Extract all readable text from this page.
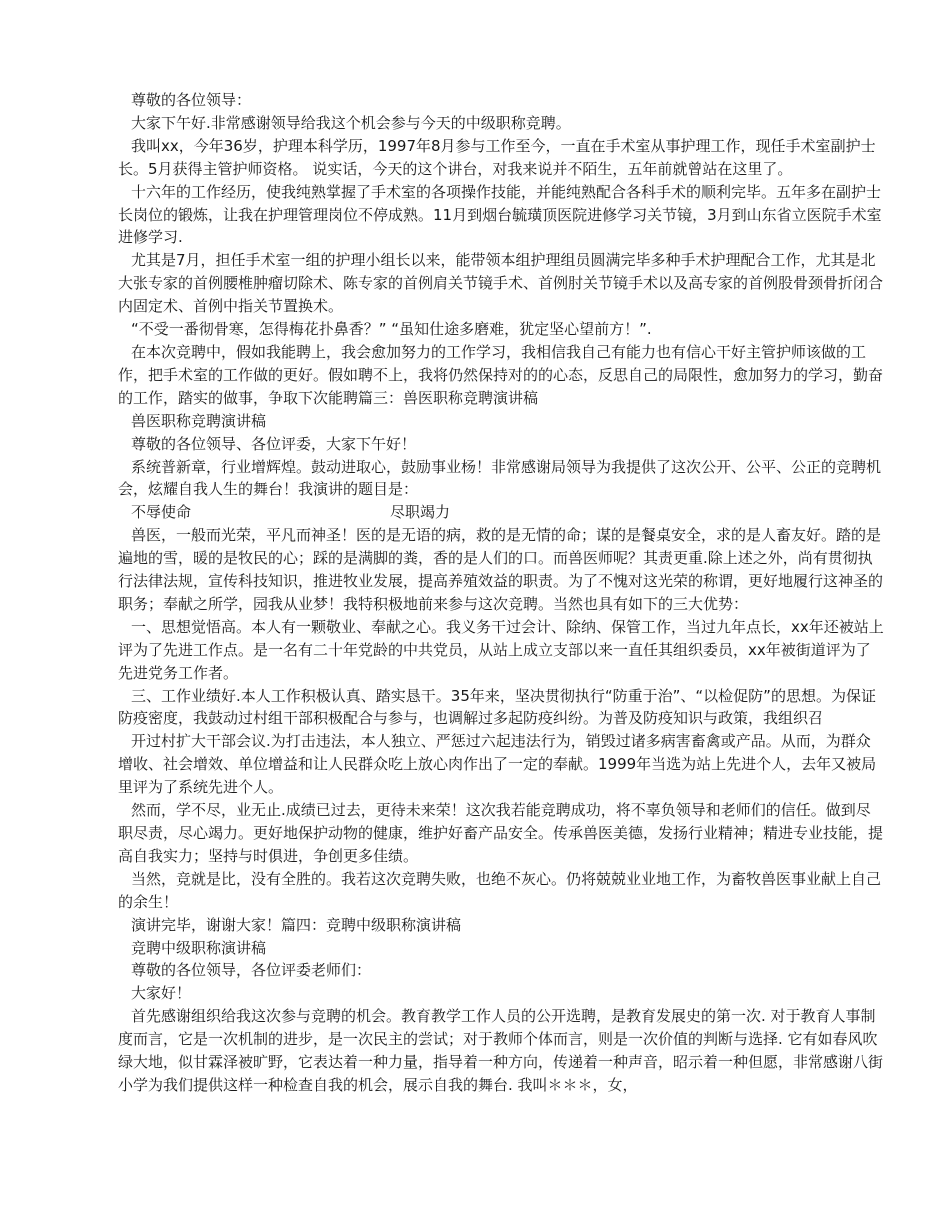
尊敬的各位领导：

大家下午好.非常感谢领导给我这个机会参与今天的中级职称竞聘。

我叫xx，今年36岁，护理本科学历，1997年8月参与工作至今，一直在手术室从事护理工作，现任手术室副护士长。5月获得主管护师资格。 说实话，今天的这个讲台，对我来说并不陌生，五年前就曾站在这里了。

十六年的工作经历，使我纯熟掌握了手术室的各项操作技能，并能纯熟配合各科手术的顺利完毕。五年多在副护士长岗位的锻炼，让我在护理管理岗位不停成熟。11月到烟台毓璜顶医院进修学习关节镜，3月到山东省立医院手术室进修学习.

尤其是7月，担任手术室一组的护理小组长以来，能带领本组护理组员圆满完毕多种手术护理配合工作，尤其是北大张专家的首例腰椎肿瘤切除术、陈专家的首例肩关节镜手术、首例肘关节镜手术以及高专家的首例股骨颈骨折闭合内固定术、首例中指关节置换术。

“不受一番彻骨寒，怎得梅花扑鼻香？” “虽知仕途多磨难，犹定坚心望前方！”.

在本次竞聘中，假如我能聘上，我会愈加努力的工作学习，我相信我自己有能力也有信心干好主管护师该做的工作，把手术室的工作做的更好。假如聘不上，我将仍然保持对的的心态，反思自己的局限性，愈加努力的学习，勤奋的工作，踏实的做事，争取下次能聘篇三：兽医职称竞聘演讲稿

兽医职称竞聘演讲稿

尊敬的各位领导、各位评委，大家下午好！

系统普新章，行业增辉煌。鼓动进取心，鼓励事业杨！非常感谢局领导为我提供了这次公开、公平、公正的竞聘机会，炫耀自我人生的舞台！我演讲的题目是：

不辱使命	尽职竭力

兽医，一般而光荣，平凡而神圣！医的是无语的病，救的是无情的命；谋的是餐桌安全，求的是人畜友好。踏的是遍地的雪，暖的是牧民的心；踩的是满脚的粪，香的是人们的口。而兽医师呢？其责更重.除上述之外，尚有贯彻执行法律法规，宣传科技知识，推进牧业发展，提高养殖效益的职责。为了不愧对这光荣的称谓，更好地履行这神圣的职务；奉献之所学，园我从业梦！我特积极地前来参与这次竞聘。当然也具有如下的三大优势：

一、思想觉悟高。本人有一颗敬业、奉献之心。我义务干过会计、除纳、保管工作，当过九年点长，xx年还被站上评为了先进工作点。是一名有二十年党龄的中共党员，从站上成立支部以来一直任其组织委员，xx年被街道评为了先进党务工作者。

三、工作业绩好.本人工作积极认真、踏实恳干。35年来，坚决贯彻执行“防重于治”、“以检促防”的思想。为保证防疫密度，我鼓动过村组干部积极配合与参与，也调解过多起防疫纠纷。为普及防疫知识与政策，我组织召

开过村扩大干部会议.为打击违法，本人独立、严惩过六起违法行为，销毁过诸多病害畜禽或产品。从而，为群众增收、社会增效、单位增益和让人民群众吃上放心肉作出了一定的奉献。1999年当选为站上先进个人，去年又被局里评为了系统先进个人。

然而，学不尽，业无止.成绩已过去，更待未来荣！这次我若能竞聘成功，将不辜负领导和老师们的信任。做到尽职尽责，尽心竭力。更好地保护动物的健康，维护好畜产品安全。传承兽医美德，发扬行业精神；精进专业技能，提高自我实力；坚持与时俱进，争创更多佳绩。

当然，竞就是比，没有全胜的。我若这次竞聘失败，也绝不灰心。仍将兢兢业业地工作，为畜牧兽医事业献上自己的余生！

演讲完毕，谢谢大家！篇四：竞聘中级职称演讲稿

竞聘中级职称演讲稿

尊敬的各位领导，各位评委老师们：

大家好！

首先感谢组织给我这次参与竞聘的机会。教育教学工作人员的公开选聘，是教育发展史的第一次. 对于教育人事制度而言，它是一次机制的进步，是一次民主的尝试；对于教师个体而言，则是一次价值的判断与选择. 它有如春风吹绿大地，似甘霖泽被旷野，它表达着一种力量，指导着一种方向，传递着一种声音，昭示着一种但愿，非常感谢八街小学为我们提供这样一种检查自我的机会，展示自我的舞台. 我叫＊＊＊，女，
